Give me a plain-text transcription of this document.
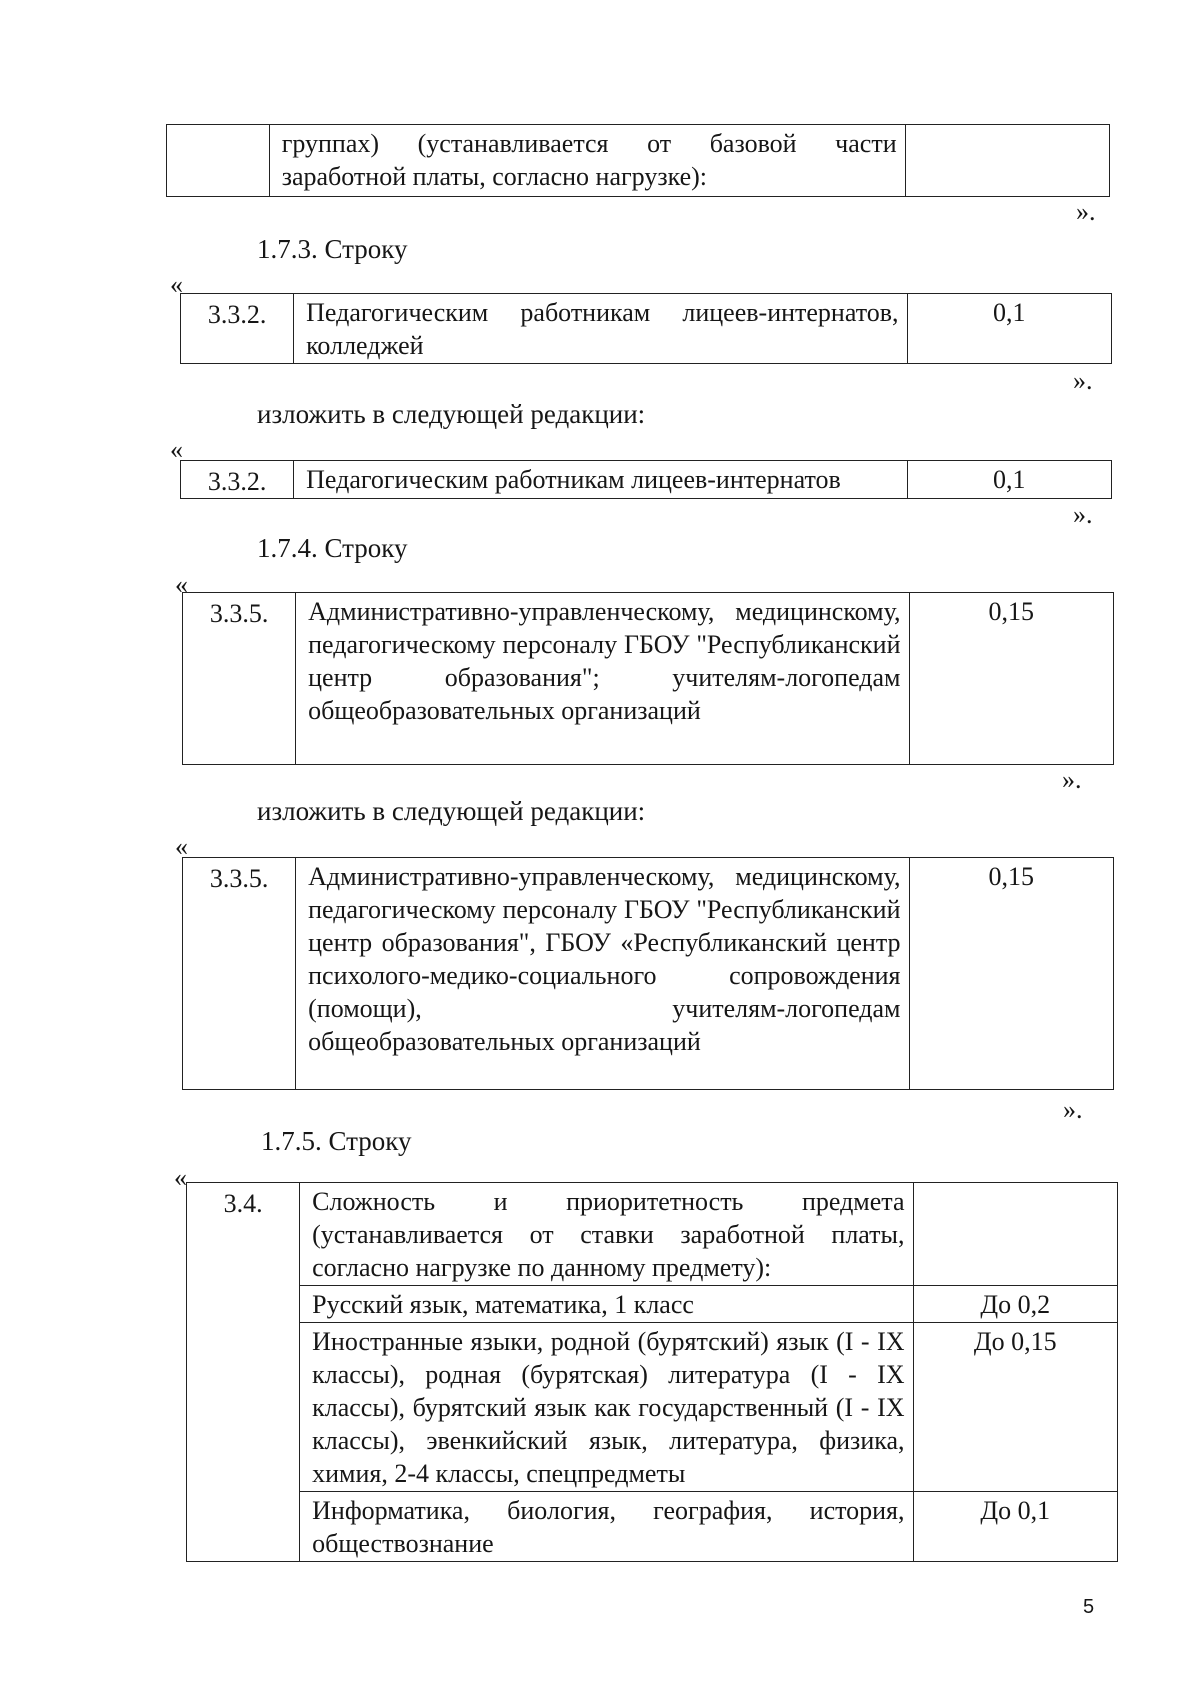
	группах) (устанавливается от базовой части заработной платы, согласно нагрузке):	
».
1.7.3. Строку
«
3.3.2.	Педагогическим работникам лицеев-интернатов, колледжей	0,1
».
изложить в следующей редакции:
«
3.3.2.	Педагогическим работникам лицеев-интернатов	0,1
».
1.7.4. Строку
«
3.3.5.	Административно-управленческому, медицинскому, педагогическому персоналу ГБОУ "Республиканский центр образования"; учителям-логопедам общеобразовательных организаций	0,15
».
изложить в следующей редакции:
«
3.3.5.	Административно-управленческому, медицинскому, педагогическому персоналу ГБОУ "Республиканский центр образования", ГБОУ «Республиканский центр психолого-медико-социального сопровождения (помощи), учителям-логопедам общеобразовательных организаций	0,15
».
1.7.5. Строку
«
3.4.	Сложность и приоритетность предмета (устанавливается от ставки заработной платы, согласно нагрузке по данному предмету):	
	Русский язык, математика, 1 класс	До 0,2
	Иностранные языки, родной (бурятский) язык (I - IX классы), родная (бурятская) литература (I - IX классы), бурятский язык как государственный (I - IX классы), эвенкийский язык, литература, физика, химия, 2-4 классы, спецпредметы	До 0,15
	Информатика, биология, география, история, обществознание	До 0,1
5
